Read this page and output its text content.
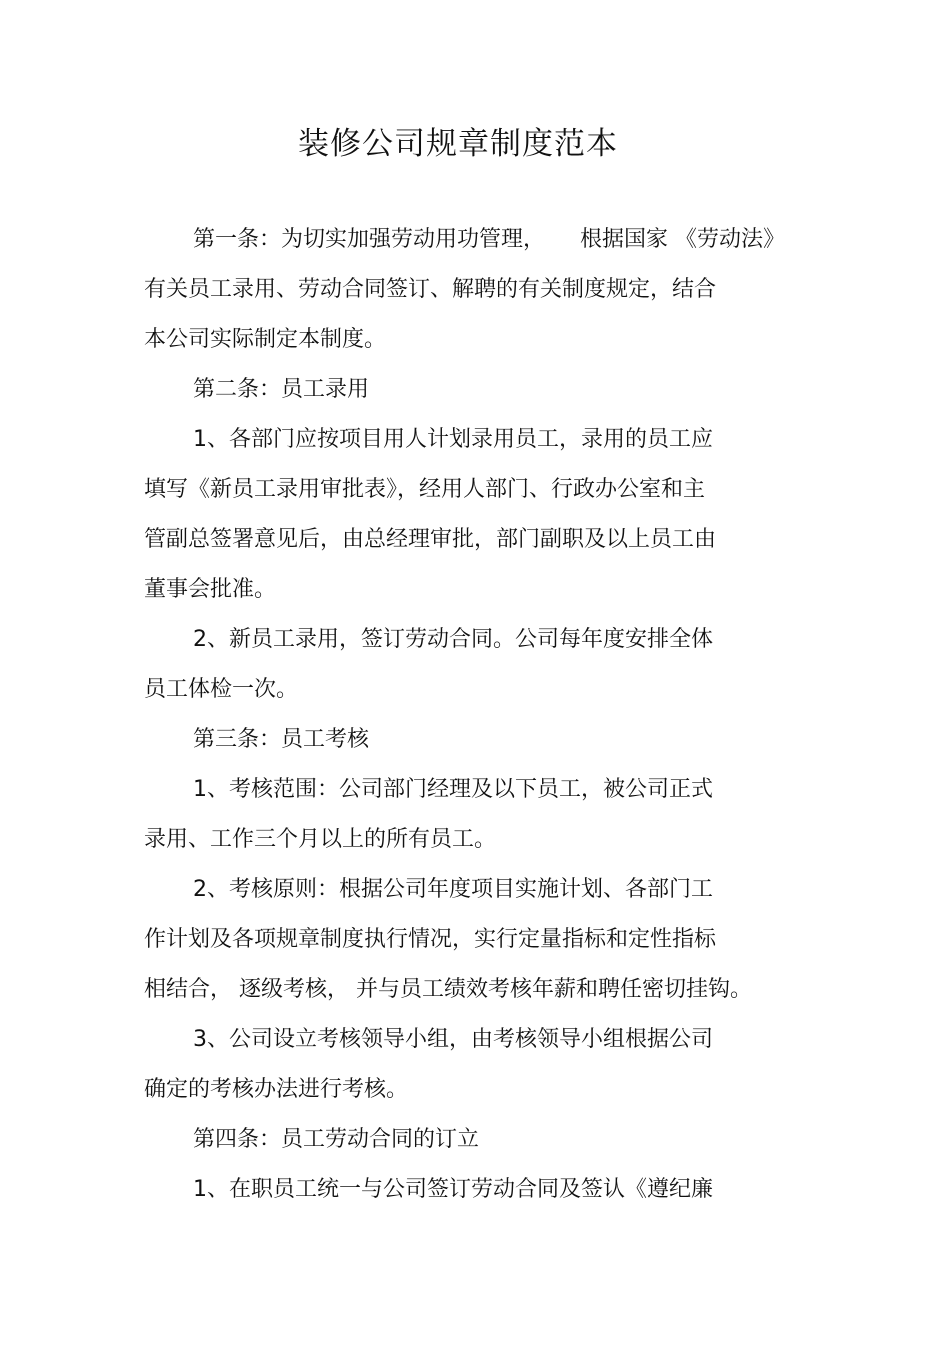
装修公司规章制度范本
第一条：为切实加强劳动用功管理，     根据国家 《劳动法》
有关员工录用、劳动合同签订、解聘的有关制度规定，结合
本公司实际制定本制度。
第二条：员工录用
1、各部门应按项目用人计划录用员工，录用的员工应
填写《新员工录用审批表》，经用人部门、行政办公室和主
管副总签署意见后，由总经理审批，部门副职及以上员工由
董事会批准。
2、新员工录用，签订劳动合同。公司每年度安排全体
员工体检一次。
第三条：员工考核
1、考核范围：公司部门经理及以下员工，被公司正式
录用、工作三个月以上的所有员工。
2、考核原则：根据公司年度项目实施计划、各部门工
作计划及各项规章制度执行情况，实行定量指标和定性指标
相结合， 逐级考核， 并与员工绩效考核年薪和聘任密切挂钩。
3、公司设立考核领导小组，由考核领导小组根据公司
确定的考核办法进行考核。
第四条：员工劳动合同的订立
1、在职员工统一与公司签订劳动合同及签认《遵纪廉
